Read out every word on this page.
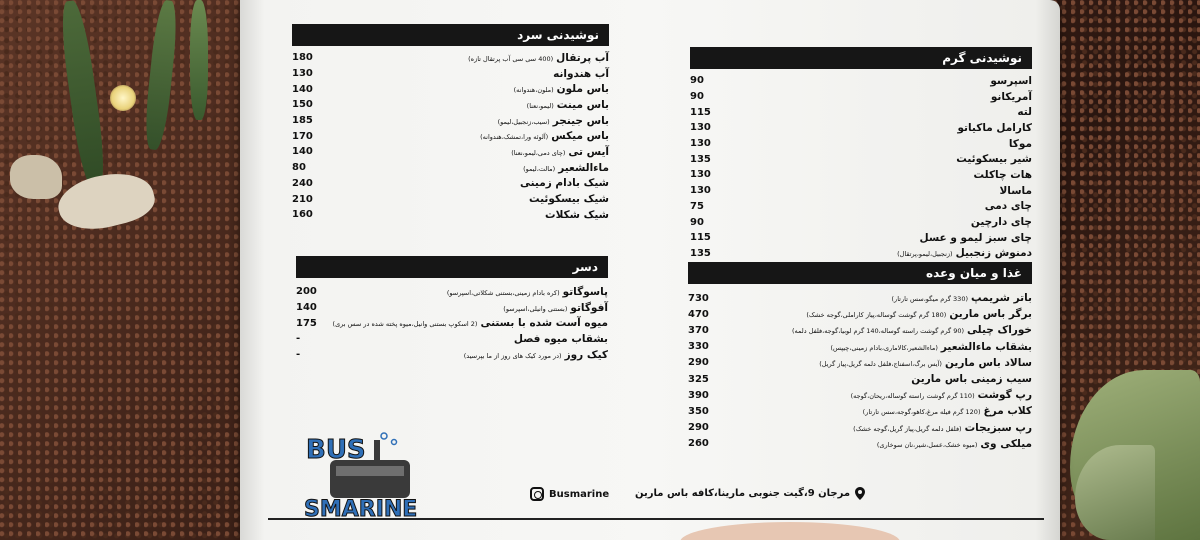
نوشیدنی سرد
آب پرتقال(400 سی سی آب پرتقال تازه)
180
آب هندوانه
130
باس ملون(ملون،هندوانه)
140
باس مینت(لیمو،نعنا)
150
باس جینجر(سیب،زنجبیل،لیمو)
185
باس میکس(آلوئه ورا،تمشک،هندوانه)
170
آیس تی(چای دمی،لیمو،نعنا)
140
ماءالشعیر(مالت،لیمو)
80
شیک بادام زمینی
240
شیک بیسکوئیت
210
شیک شکلات
160
نوشیدنی گرم
اسپرسو
90
آمریکانو
90
لته
115
کارامل ماکیاتو
130
موکا
130
شیر بیسکوئیت
135
هات چاکلت
130
ماسالا
130
چای دمی
75
چای دارچین
90
چای سبز لیمو و عسل
115
دمنوش زنجبیل(زنجبیل،لیمو،پرتقال)
135
دسر
پاسوگاتو(کره بادام زمینی،بستنی شکلاتی،اسپرسو)
200
آفوگاتو(بستنی وانیلی،اسپرسو)
140
میوه آست شده با بستنی(2 اسکوپ بستنی وانیل،میوه پخته شده در سس بری)
175
بشقاب میوه فصل
-
کیک روز(در مورد کیک های روز از ما بپرسید)
-
غذا و میان وعده
باتر شریمپ(330 گرم میگو،سس تارتار)
730
برگر باس مارین(180 گرم گوشت گوساله،پیاز کاراملی،گوجه خشک)
470
خوراک چیلی(90 گرم گوشت راسته گوساله،140 گرم لوبیا،گوجه،فلفل دلمه)
370
بشقاب ماءالشعیر(ماءالشعیر،کالاماری،بادام زمینی،چیپس)
330
سالاد باس مارین(آیس برگ،اسفناج،فلفل دلمه گریل،پیاز گریل)
290
سیب زمینی باس مارین
325
رپ گوشت(110 گرم گوشت راسته گوساله،ریحان،گوجه)
390
کلاب مرغ(120 گرم فیله مرغ،کاهو،گوجه،سس تارتار)
350
رپ سبزیجات(فلفل دلمه گریل،پیاز گریل،گوجه خشک)
290
میلکی وی(میوه خشک،عسل،شیر،نان سوخاری)
260
BUS
SMARINE
مرجان 9،گیت جنوبی مارینا،کافه باس مارین
Busmarine
